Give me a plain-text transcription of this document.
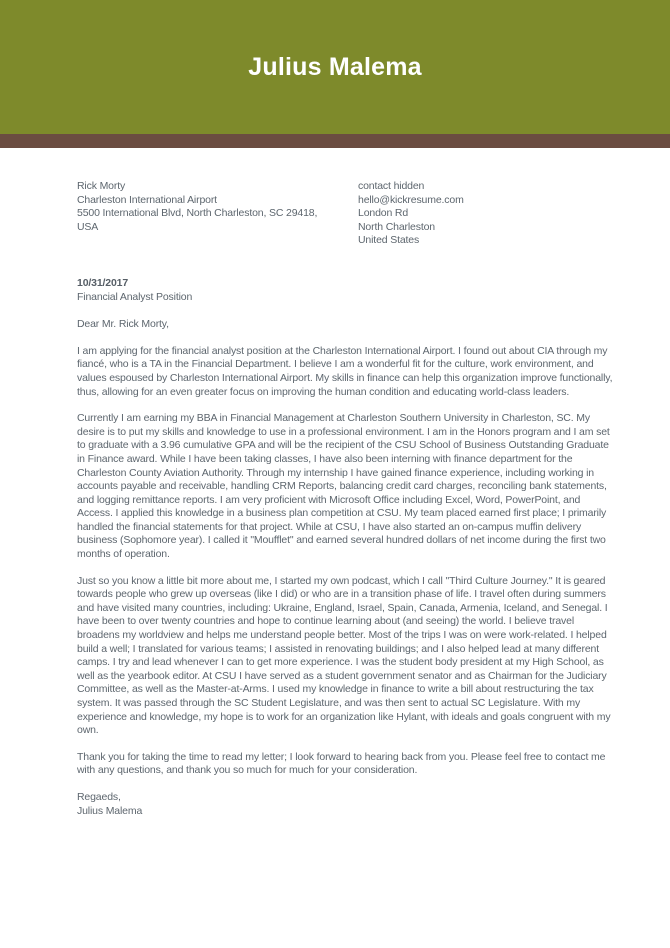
Julius Malema
Rick Morty
Charleston International Airport
5500 International Blvd, North Charleston, SC 29418,
USA
contact hidden
hello@kickresume.com
London Rd
North Charleston
United States
10/31/2017
Financial Analyst Position

Dear Mr. Rick Morty,

I am applying for the financial analyst position at the Charleston International Airport. I found out about CIA through my fiancé, who is a TA in the Financial Department. I believe I am a wonderful fit for the culture, work environment, and values espoused by Charleston International Airport. My skills in finance can help this organization improve functionally, thus, allowing for an even greater focus on improving the human condition and educating world-class leaders.

Currently I am earning my BBA in Financial Management at Charleston Southern University in Charleston, SC. My desire is to put my skills and knowledge to use in a professional environment. I am in the Honors program and I am set to graduate with a 3.96 cumulative GPA and will be the recipient of the CSU School of Business Outstanding Graduate in Finance award. While I have been taking classes, I have also been interning with finance department for the Charleston County Aviation Authority. Through my internship I have gained finance experience, including working in accounts payable and receivable, handling CRM Reports, balancing credit card charges, reconciling bank statements, and logging remittance reports. I am very proficient with Microsoft Office including Excel, Word, PowerPoint, and Access. I applied this knowledge in a business plan competition at CSU. My team placed earned first place; I primarily handled the financial statements for that project. While at CSU, I have also started an on-campus muffin delivery business (Sophomore year). I called it "Moufflet" and earned several hundred dollars of net income during the first two months of operation.

Just so you know a little bit more about me, I started my own podcast, which I call "Third Culture Journey." It is geared towards people who grew up overseas (like I did) or who are in a transition phase of life. I travel often during summers and have visited many countries, including: Ukraine, England, Israel, Spain, Canada, Armenia, Iceland, and Senegal. I have been to over twenty countries and hope to continue learning about (and seeing) the world. I believe travel broadens my worldview and helps me understand people better. Most of the trips I was on were work-related. I helped build a well; I translated for various teams; I assisted in renovating buildings; and I also helped lead at many different camps. I try and lead whenever I can to get more experience. I was the student body president at my High School, as well as the yearbook editor. At CSU I have served as a student government senator and as Chairman for the Judiciary Committee, as well as the Master-at-Arms. I used my knowledge in finance to write a bill about restructuring the tax system. It was passed through the SC Student Legislature, and was then sent to actual SC Legislature. With my experience and knowledge, my hope is to work for an organization like Hylant, with ideals and goals congruent with my own.

Thank you for taking the time to read my letter; I look forward to hearing back from you. Please feel free to contact me with any questions, and thank you so much for much for your consideration.

Regaeds,
Julius Malema
